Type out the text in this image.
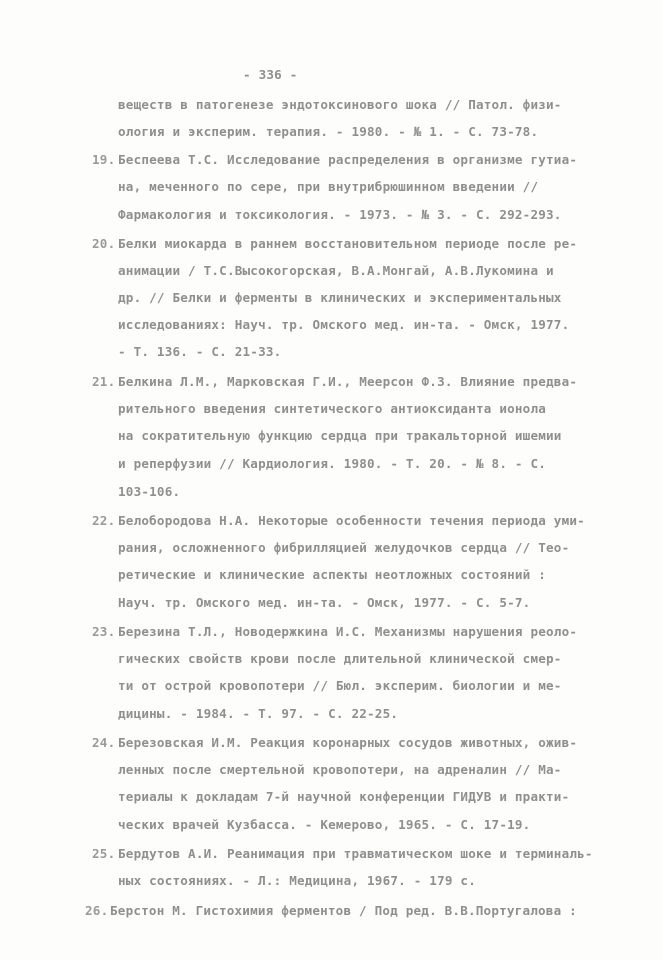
- 336 -
веществ в патогенезе эндотоксинового шока // Патол. физи-
ология и эксперим. терапия. - 1980. - № 1. - С. 73-78.
19. Беспеева Т.С. Исследование распределения в организме гутиа-
на, меченного по сере, при внутрибрюшинном введении //
Фармакология и токсикология. - 1973. - № 3. - С. 292-293.
20. Белки миокарда в раннем восстановительном периоде после ре-
анимации / Т.С.Высокогорская, В.А.Монгай, А.В.Лукомина и
др. // Белки и ферменты в клинических и экспериментальных
исследованиях: Науч. тр. Омского мед. ин-та. - Омск, 1977.
- Т. 136. - С. 21-33.
21. Белкина Л.М., Марковская Г.И., Меерсон Ф.З. Влияние предва-
рительного введения синтетического антиоксиданта ионола
на сократительную функцию сердца при тракальторной ишемии
и реперфузии // Кардиология. 1980. - Т. 20. - № 8. - С.
103-106.
22. Белобородова Н.А. Некоторые особенности течения периода уми-
рания, осложненного фибрилляцией желудочков сердца // Тео-
ретические и клинические аспекты неотложных состояний :
Науч. тр. Омского мед. ин-та. - Омск, 1977. - С. 5-7.
23. Березина Т.Л., Новодержкина И.С. Механизмы нарушения реоло-
гических свойств крови после длительной клинической смер-
ти от острой кровопотери // Бюл. эксперим. биологии и ме-
дицины. - 1984. - Т. 97. - С. 22-25.
24. Березовская И.М. Реакция коронарных сосудов животных, ожив-
ленных после смертельной кровопотери, на адреналин // Ма-
териалы к докладам 7-й научной конференции ГИДУВ и практи-
ческих врачей Кузбасса. - Кемерово, 1965. - С. 17-19.
25. Бердутов А.И. Реанимация при травматическом шоке и терминаль-
ных состояниях. - Л.: Медицина, 1967. - 179 с.
26. Берстон М. Гистохимия ферментов / Под ред. В.В.Португалова :
